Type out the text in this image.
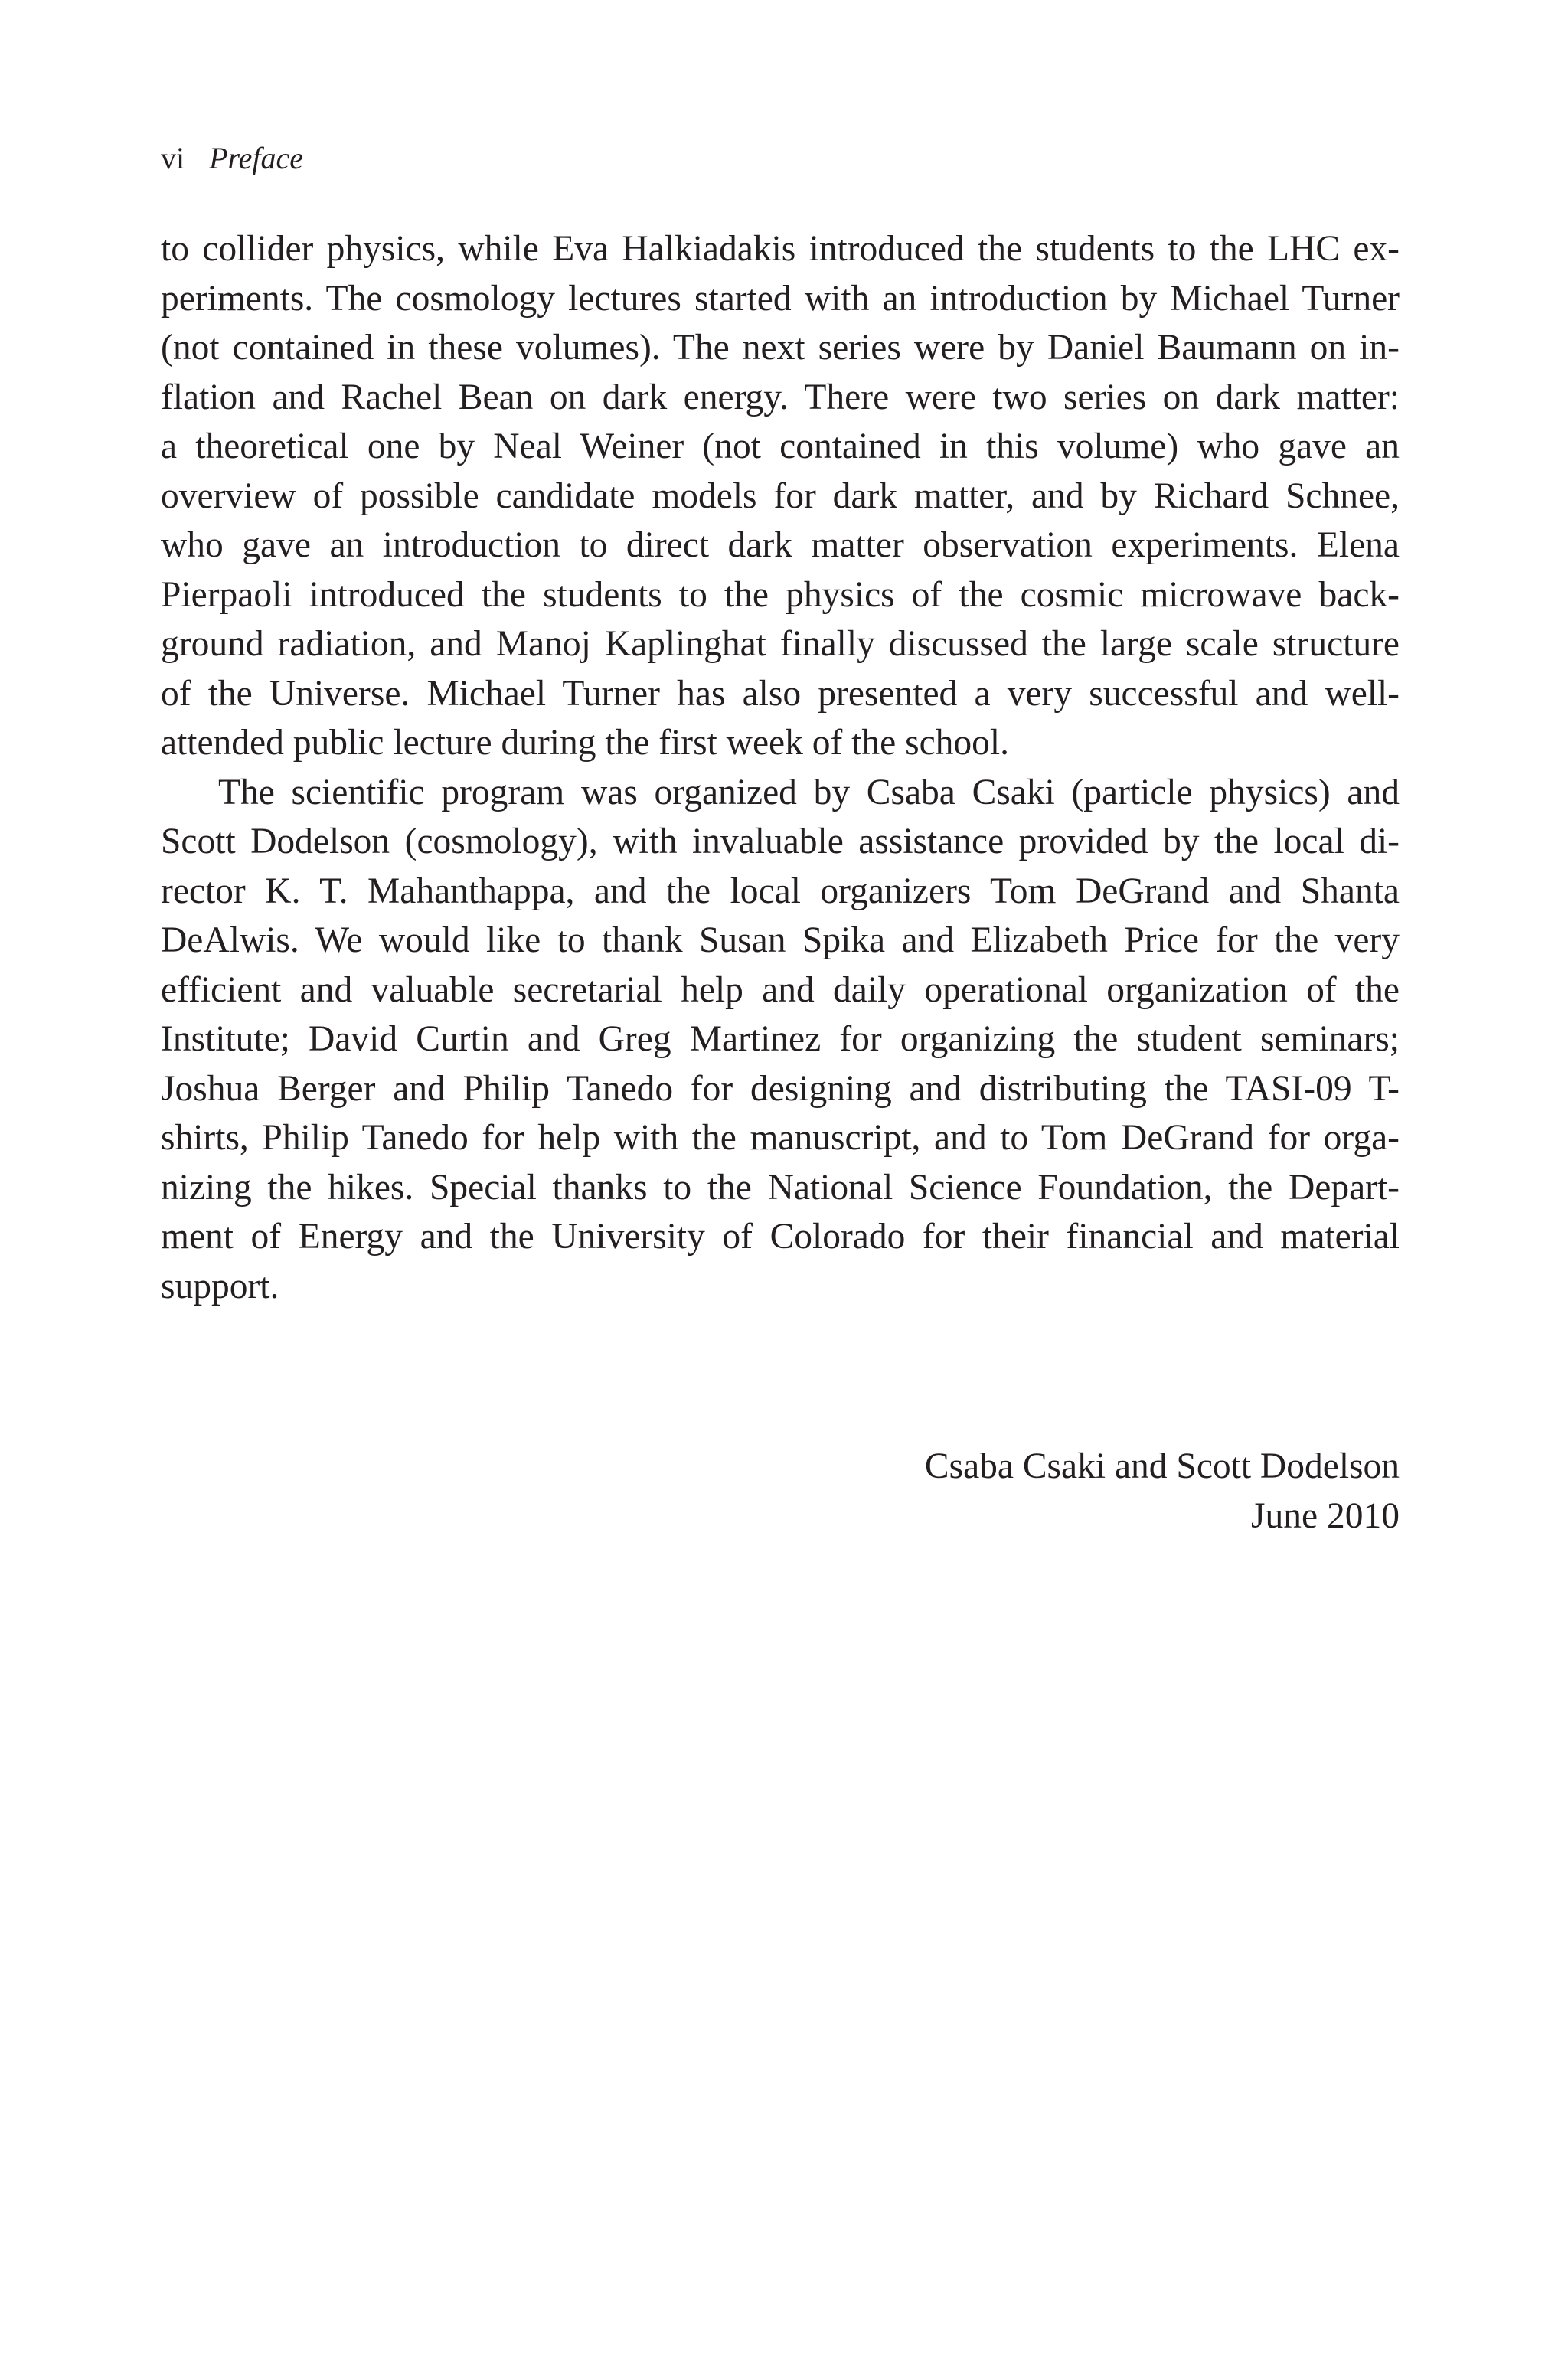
vi Preface

to collider physics, while Eva Halkiadakis introduced the students to the LHC ex-
periments. The cosmology lectures started with an introduction by Michael Turner
(not contained in these volumes). The next series were by Daniel Baumann on in-
flation and Rachel Bean on dark energy. There were two series on dark matter:
a theoretical one by Neal Weiner (not contained in this volume) who gave an
overview of possible candidate models for dark matter, and by Richard Schnee,
who gave an introduction to direct dark matter observation experiments. Elena
Pierpaoli introduced the students to the physics of the cosmic microwave back-
ground radiation, and Manoj Kaplinghat finally discussed the large scale structure
of the Universe. Michael Turner has also presented a very successful and well-
attended public lecture during the first week of the school.

The scientific program was organized by Csaba Csaki (particle physics) and
Scott Dodelson (cosmology), with invaluable assistance provided by the local di-
rector K. T. Mahanthappa, and the local organizers Tom DeGrand and Shanta
DeAlwis. We would like to thank Susan Spika and Elizabeth Price for the very
efficient and valuable secretarial help and daily operational organization of the
Institute; David Curtin and Greg Martinez for organizing the student seminars;
Joshua Berger and Philip Tanedo for designing and distributing the TASI-09 T-
shirts, Philip Tanedo for help with the manuscript, and to Tom DeGrand for orga-
nizing the hikes. Special thanks to the National Science Foundation, the Depart-
ment of Energy and the University of Colorado for their financial and material
support.

Csaba Csaki and Scott Dodelson
June 2010
